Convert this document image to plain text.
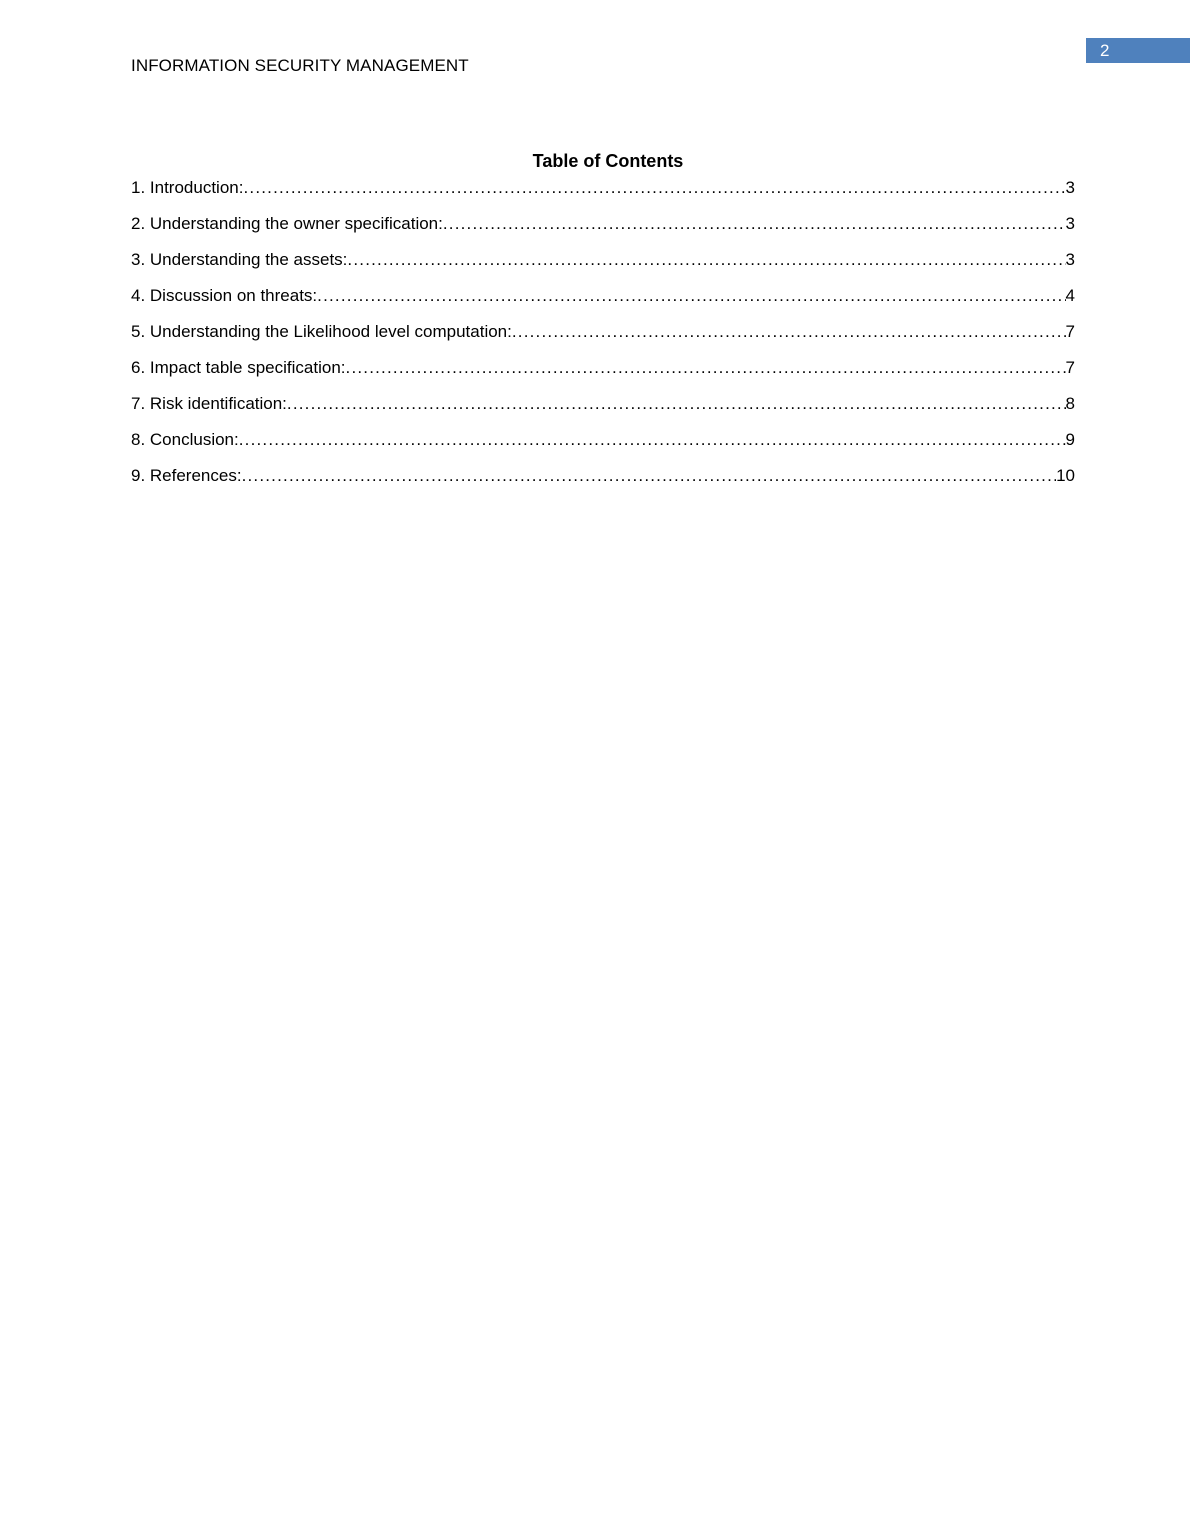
INFORMATION SECURITY MANAGEMENT
2
Table of Contents
1. Introduction: .....	3
2. Understanding the owner specification: .....	3
3. Understanding the assets: .....	3
4. Discussion on threats: .....	4
5. Understanding the Likelihood level computation: .....	7
6. Impact table specification: .....	7
7. Risk identification: .....	8
8. Conclusion: .....	9
9. References: .....	10
